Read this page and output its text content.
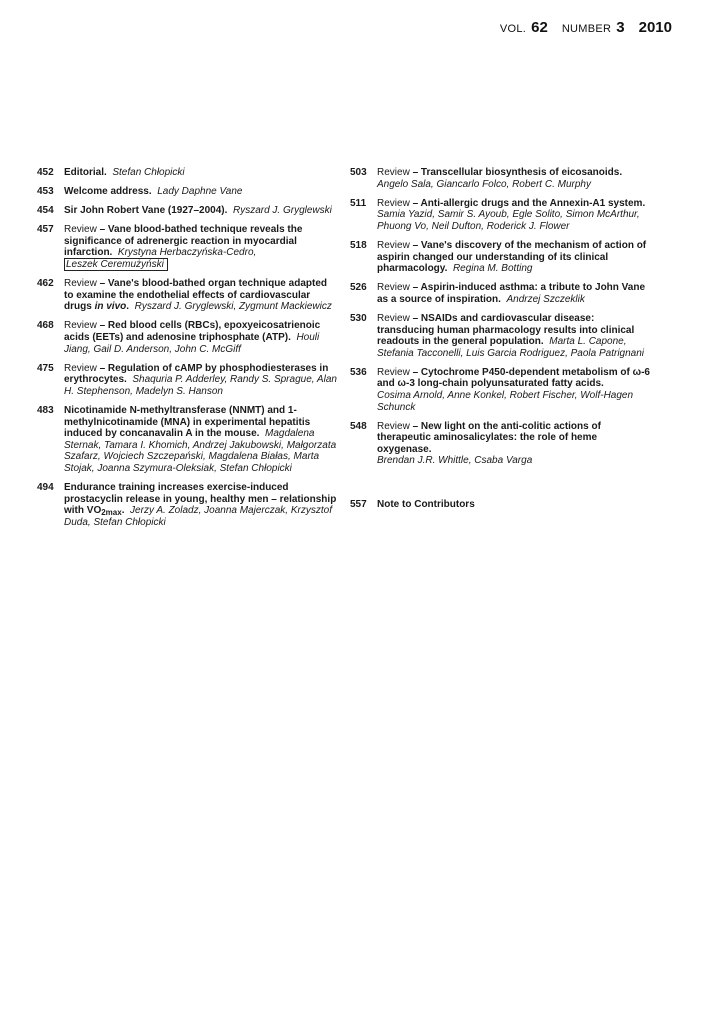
VOL. 62 NUMBER 3 2010
452 Editorial. Stefan Chłopicki
453 Welcome address. Lady Daphne Vane
454 Sir John Robert Vane (1927–2004). Ryszard J. Gryglewski
457 Review – Vane blood-bathed technique reveals the significance of adrenergic reaction in myocardial infarction. Krystyna Herbaczyńska-Cedro,
Leszek Ceremużyński
462 Review – Vane's blood-bathed organ technique adapted to examine the endothelial effects of cardiovascular drugs in vivo. Ryszard J. Gryglewski, Zygmunt Mackiewicz
468 Review – Red blood cells (RBCs), epoxyeicosatrienoic acids (EETs) and adenosine triphosphate (ATP). Houli Jiang, Gail D. Anderson, John C. McGiff
475 Review – Regulation of cAMP by phosphodiesterases in erythrocytes. Shaquria P. Adderley, Randy S. Sprague, Alan H. Stephenson, Madelyn S. Hanson
483 Nicotinamide N-methyltransferase (NNMT) and 1-methylnicotinamide (MNA) in experimental hepatitis induced by concanavalin A in the mouse. Magdalena Sternak, Tamara I. Khomich, Andrzej Jakubowski, Małgorzata Szafarz, Wojciech Szczepański, Magdalena Białas, Marta Stojak, Joanna Szymura-Oleksiak, Stefan Chłopicki
494 Endurance training increases exercise-induced prostacyclin release in young, healthy men – relationship with $VO_{2max}$. Jerzy A. Zoladz, Joanna Majerczak, Krzysztof Duda, Stefan Chłopicki
503 Review – Transcellular biosynthesis of eicosanoids.
Angelo Sala, Giancarlo Folco, Robert C. Murphy
511 Review – Anti-allergic drugs and the Annexin-A1 system.  Samia Yazid, Samir S. Ayoub, Egle Solito, Simon McArthur, Phuong Vo, Neil Dufton, Roderick J. Flower
518 Review – Vane's discovery of the mechanism of action of aspirin changed our understanding of its clinical pharmacology. Regina M. Botting
526 Review – Aspirin-induced asthma: a tribute to John Vane as a source of inspiration. Andrzej Szczeklik
530 Review – NSAIDs and cardiovascular disease: transducing human pharmacology results into clinical readouts in the general population. Marta L. Capone, Stefania Tacconelli, Luis Garcia Rodriguez, Paola Patrignani
536 Review – Cytochrome P450-dependent metabolism of ω-6 and ω-3 long-chain polyunsaturated fatty acids.
Cosima Arnold, Anne Konkel, Robert Fischer, Wolf-Hagen Schunck
548 Review – New light on the anti-colitic actions of therapeutic aminosalicylates: the role of heme oxygenase.
Brendan J.R. Whittle, Csaba Varga
557 Note to Contributors
